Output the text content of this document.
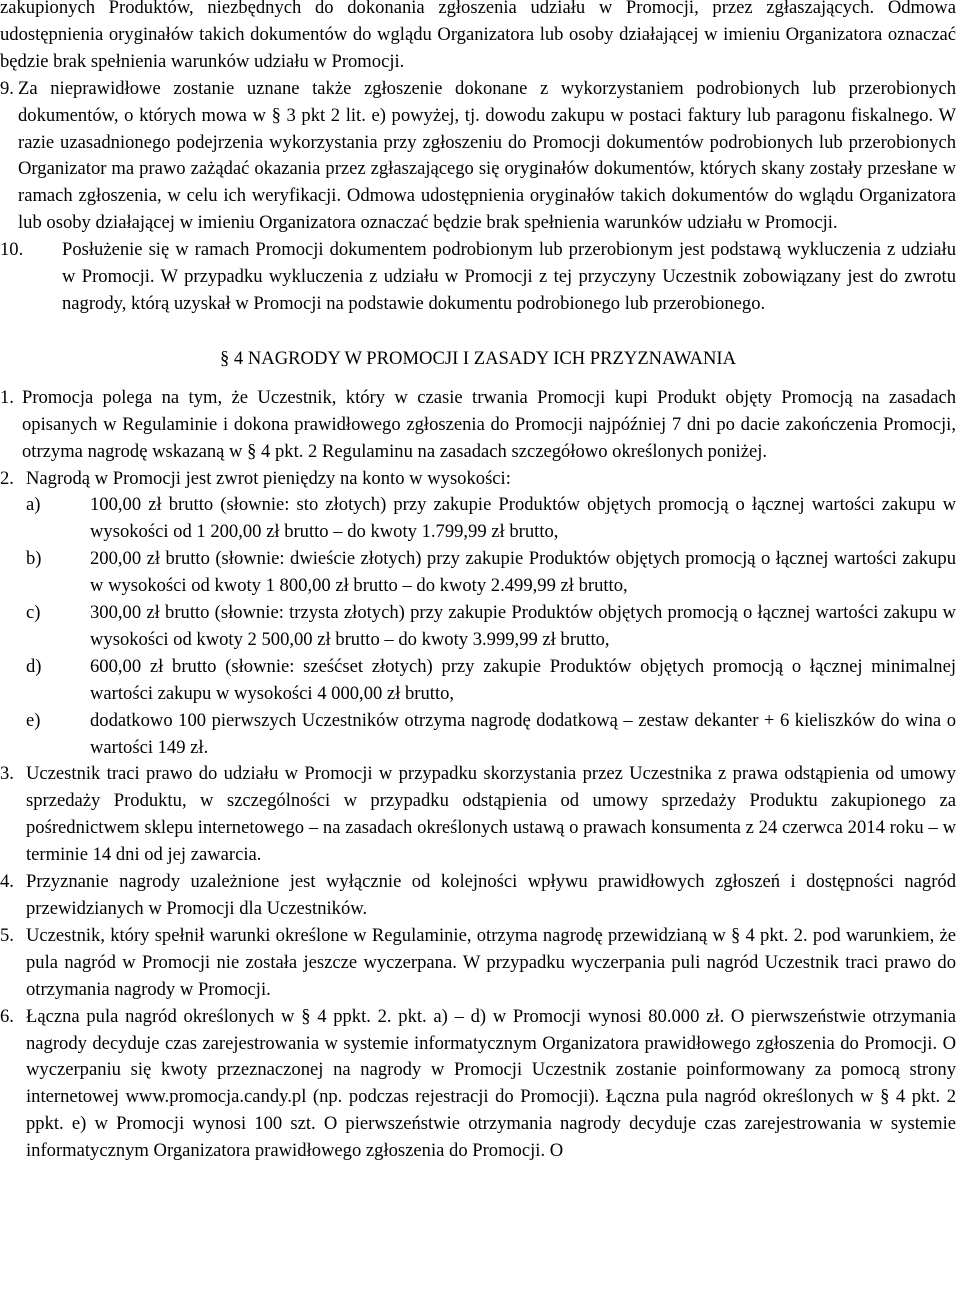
zakupionych Produktów, niezbędnych do dokonania zgłoszenia udziału w Promocji, przez zgłaszających. Odmowa udostępnienia oryginałów takich dokumentów do wglądu Organizatora lub osoby działającej w imieniu Organizatora oznaczać będzie brak spełnienia warunków udziału w Promocji.

9. Za nieprawidłowe zostanie uznane także zgłoszenie dokonane z wykorzystaniem podrobionych lub przerobionych dokumentów, o których mowa w § 3 pkt 2 lit. e) powyżej, tj. dowodu zakupu w postaci faktury lub paragonu fiskalnego. W razie uzasadnionego podejrzenia wykorzystania przy zgłoszeniu do Promocji dokumentów podrobionych lub przerobionych Organizator ma prawo zażądać okazania przez zgłaszającego się oryginałów dokumentów, których skany zostały przesłane w ramach zgłoszenia, w celu ich weryfikacji. Odmowa udostępnienia oryginałów takich dokumentów do wglądu Organizatora lub osoby działającej w imieniu Organizatora oznaczać będzie brak spełnienia warunków udziału w Promocji.
10.	Posłużenie się w ramach Promocji dokumentem podrobionym lub przerobionym jest podstawą wykluczenia z udziału w Promocji. W przypadku wykluczenia z udziału w Promocji z tej przyczyny Uczestnik zobowiązany jest do zwrotu nagrody, którą uzyskał w Promocji na podstawie dokumentu podrobionego lub przerobionego.
§ 4 NAGRODY W PROMOCJI I ZASADY ICH PRZYZNAWANIA
1. Promocja polega na tym, że Uczestnik, który w czasie trwania Promocji kupi Produkt objęty Promocją na zasadach opisanych w Regulaminie i dokona prawidłowego zgłoszenia do Promocji najpóźniej 7 dni po dacie zakończenia Promocji, otrzyma nagrodę wskazaną w § 4 pkt. 2 Regulaminu na zasadach szczegółowo określonych poniżej.
2. Nagrodą w Promocji jest zwrot pieniędzy na konto w wysokości:
a)	100,00 zł brutto (słownie: sto złotych) przy zakupie Produktów objętych promocją o łącznej wartości zakupu w wysokości od 1 200,00 zł brutto – do kwoty 1.799,99 zł brutto,
b)	200,00 zł brutto (słownie: dwieście złotych) przy zakupie Produktów objętych promocją o łącznej wartości zakupu w wysokości od kwoty 1 800,00 zł brutto – do kwoty 2.499,99 zł brutto,
c)	300,00 zł brutto (słownie: trzysta złotych) przy zakupie Produktów objętych promocją o łącznej wartości zakupu w wysokości od kwoty 2 500,00 zł brutto – do kwoty 3.999,99 zł brutto,
d)	600,00 zł brutto (słownie: sześćset złotych) przy zakupie Produktów objętych promocją o łącznej minimalnej wartości zakupu w wysokości 4 000,00 zł brutto,
e)	dodatkowo 100 pierwszych Uczestników otrzyma nagrodę dodatkową – zestaw dekanter + 6 kieliszków do wina o wartości 149 zł.
3. Uczestnik traci prawo do udziału w Promocji w przypadku skorzystania przez Uczestnika z prawa odstąpienia od umowy sprzedaży Produktu, w szczególności w przypadku odstąpienia od umowy sprzedaży Produktu zakupionego za pośrednictwem sklepu internetowego – na zasadach określonych ustawą o prawach konsumenta z 24 czerwca 2014 roku – w terminie 14 dni od jej zawarcia.
4. Przyznanie nagrody uzależnione jest wyłącznie od kolejności wpływu prawidłowych zgłoszeń i dostępności nagród przewidzianych w Promocji dla Uczestników.
5. Uczestnik, który spełnił warunki określone w Regulaminie, otrzyma nagrodę przewidzianą w § 4 pkt. 2. pod warunkiem, że pula nagród w Promocji nie została jeszcze wyczerpana. W przypadku wyczerpania puli nagród Uczestnik traci prawo do otrzymania nagrody w Promocji.
6. Łączna pula nagród określonych w § 4 ppkt. 2. pkt. a) – d) w Promocji wynosi 80.000 zł. O pierwszeństwie otrzymania nagrody decyduje czas zarejestrowania w systemie informatycznym Organizatora prawidłowego zgłoszenia do Promocji. O wyczerpaniu się kwoty przeznaczonej na nagrody w Promocji Uczestnik zostanie poinformowany za pomocą strony internetowej www.promocja.candy.pl (np. podczas rejestracji do Promocji). Łączna pula nagród określonych w § 4 pkt. 2 ppkt. e) w Promocji wynosi 100 szt. O pierwszeństwie otrzymania nagrody decyduje czas zarejestrowania w systemie informatycznym Organizatora prawidłowego zgłoszenia do Promocji. O
